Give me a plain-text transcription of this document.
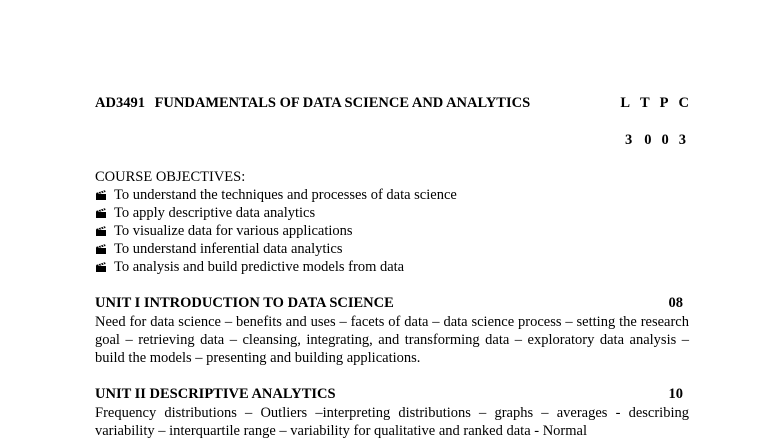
AD3491 FUNDAMENTALS OF DATA SCIENCE AND ANALYTICS	L T P C
3 0 0 3

COURSE OBJECTIVES:

To understand the techniques and processes of data science
To apply descriptive data analytics
To visualize data for various applications
To understand inferential data analytics
To analysis and build predictive models from data
UNIT I INTRODUCTION TO DATA SCIENCE	08

Need for data science – benefits and uses – facets of data – data science process – setting the research goal – retrieving data – cleansing, integrating, and transforming data – exploratory data analysis – build the models – presenting and building applications.

UNIT II DESCRIPTIVE ANALYTICS	10

Frequency distributions – Outliers –interpreting distributions – graphs – averages - describing variability – interquartile range – variability for qualitative and ranked data - Normal
